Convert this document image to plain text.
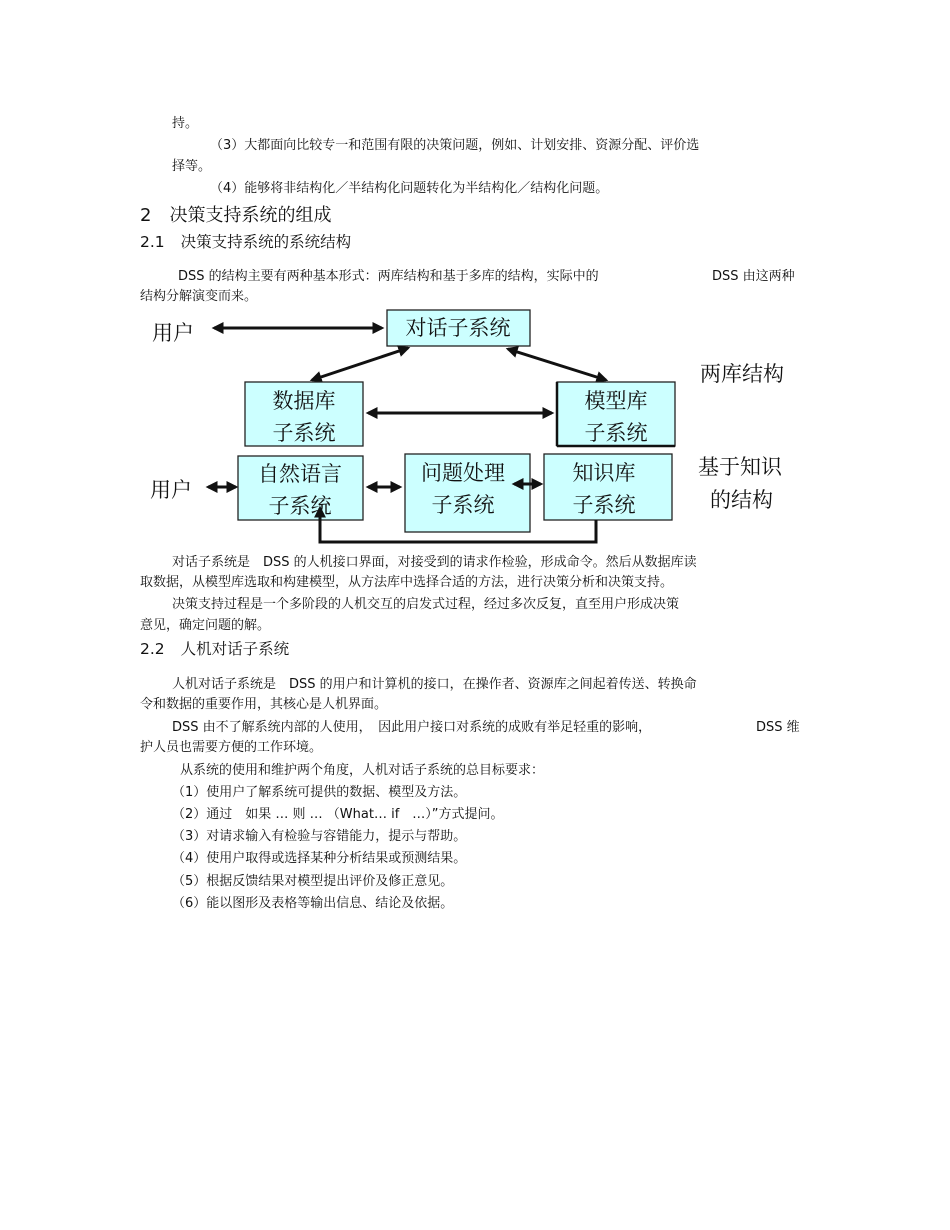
持。
（3）大都面向比较专一和范围有限的决策问题，例如、计划安排、资源分配、评价选
择等。
（4）能够将非结构化／半结构化问题转化为半结构化／结构化问题。
2 决策支持系统的组成
2.1 决策支持系统的系统结构
DSS 的结构主要有两种基本形式：两库结构和基于多库的结构，实际中的	DSS 由这两种
结构分解演变而来。
用户	对话子系统
数据库
子系统
模型库
子系统
两库结构
用户
自然语言
子系统
问题处理
子系统
知识库
子系统
基于知识
的结构
对话子系统是　DSS 的人机接口界面，对接受到的请求作检验，形成命令。然后从数据库读
取数据，从模型库选取和构建模型，从方法库中选择合适的方法，进行决策分析和决策支持。
决策支持过程是一个多阶段的人机交互的启发式过程，经过多次反复，直至用户形成决策
意见，确定问题的解。
2.2 人机对话子系统
人机对话子系统是　DSS 的用户和计算机的接口，在操作者、资源库之间起着传送、转换命
令和数据的重要作用，其核心是人机界面。
DSS 由不了解系统内部的人使用，　因此用户接口对系统的成败有举足轻重的影响，	DSS 维
护人员也需要方便的工作环境。
从系统的使用和维护两个角度，人机对话子系统的总目标要求：
（1）使用户了解系统可提供的数据、模型及方法。
（2）通过　如果 … 则 … （What… if　…）”方式提问。
（3）对请求输入有检验与容错能力，提示与帮助。
（4）使用户取得或选择某种分析结果或预测结果。
（5）根据反馈结果对模型提出评价及修正意见。
（6）能以图形及表格等输出信息、结论及依据。
